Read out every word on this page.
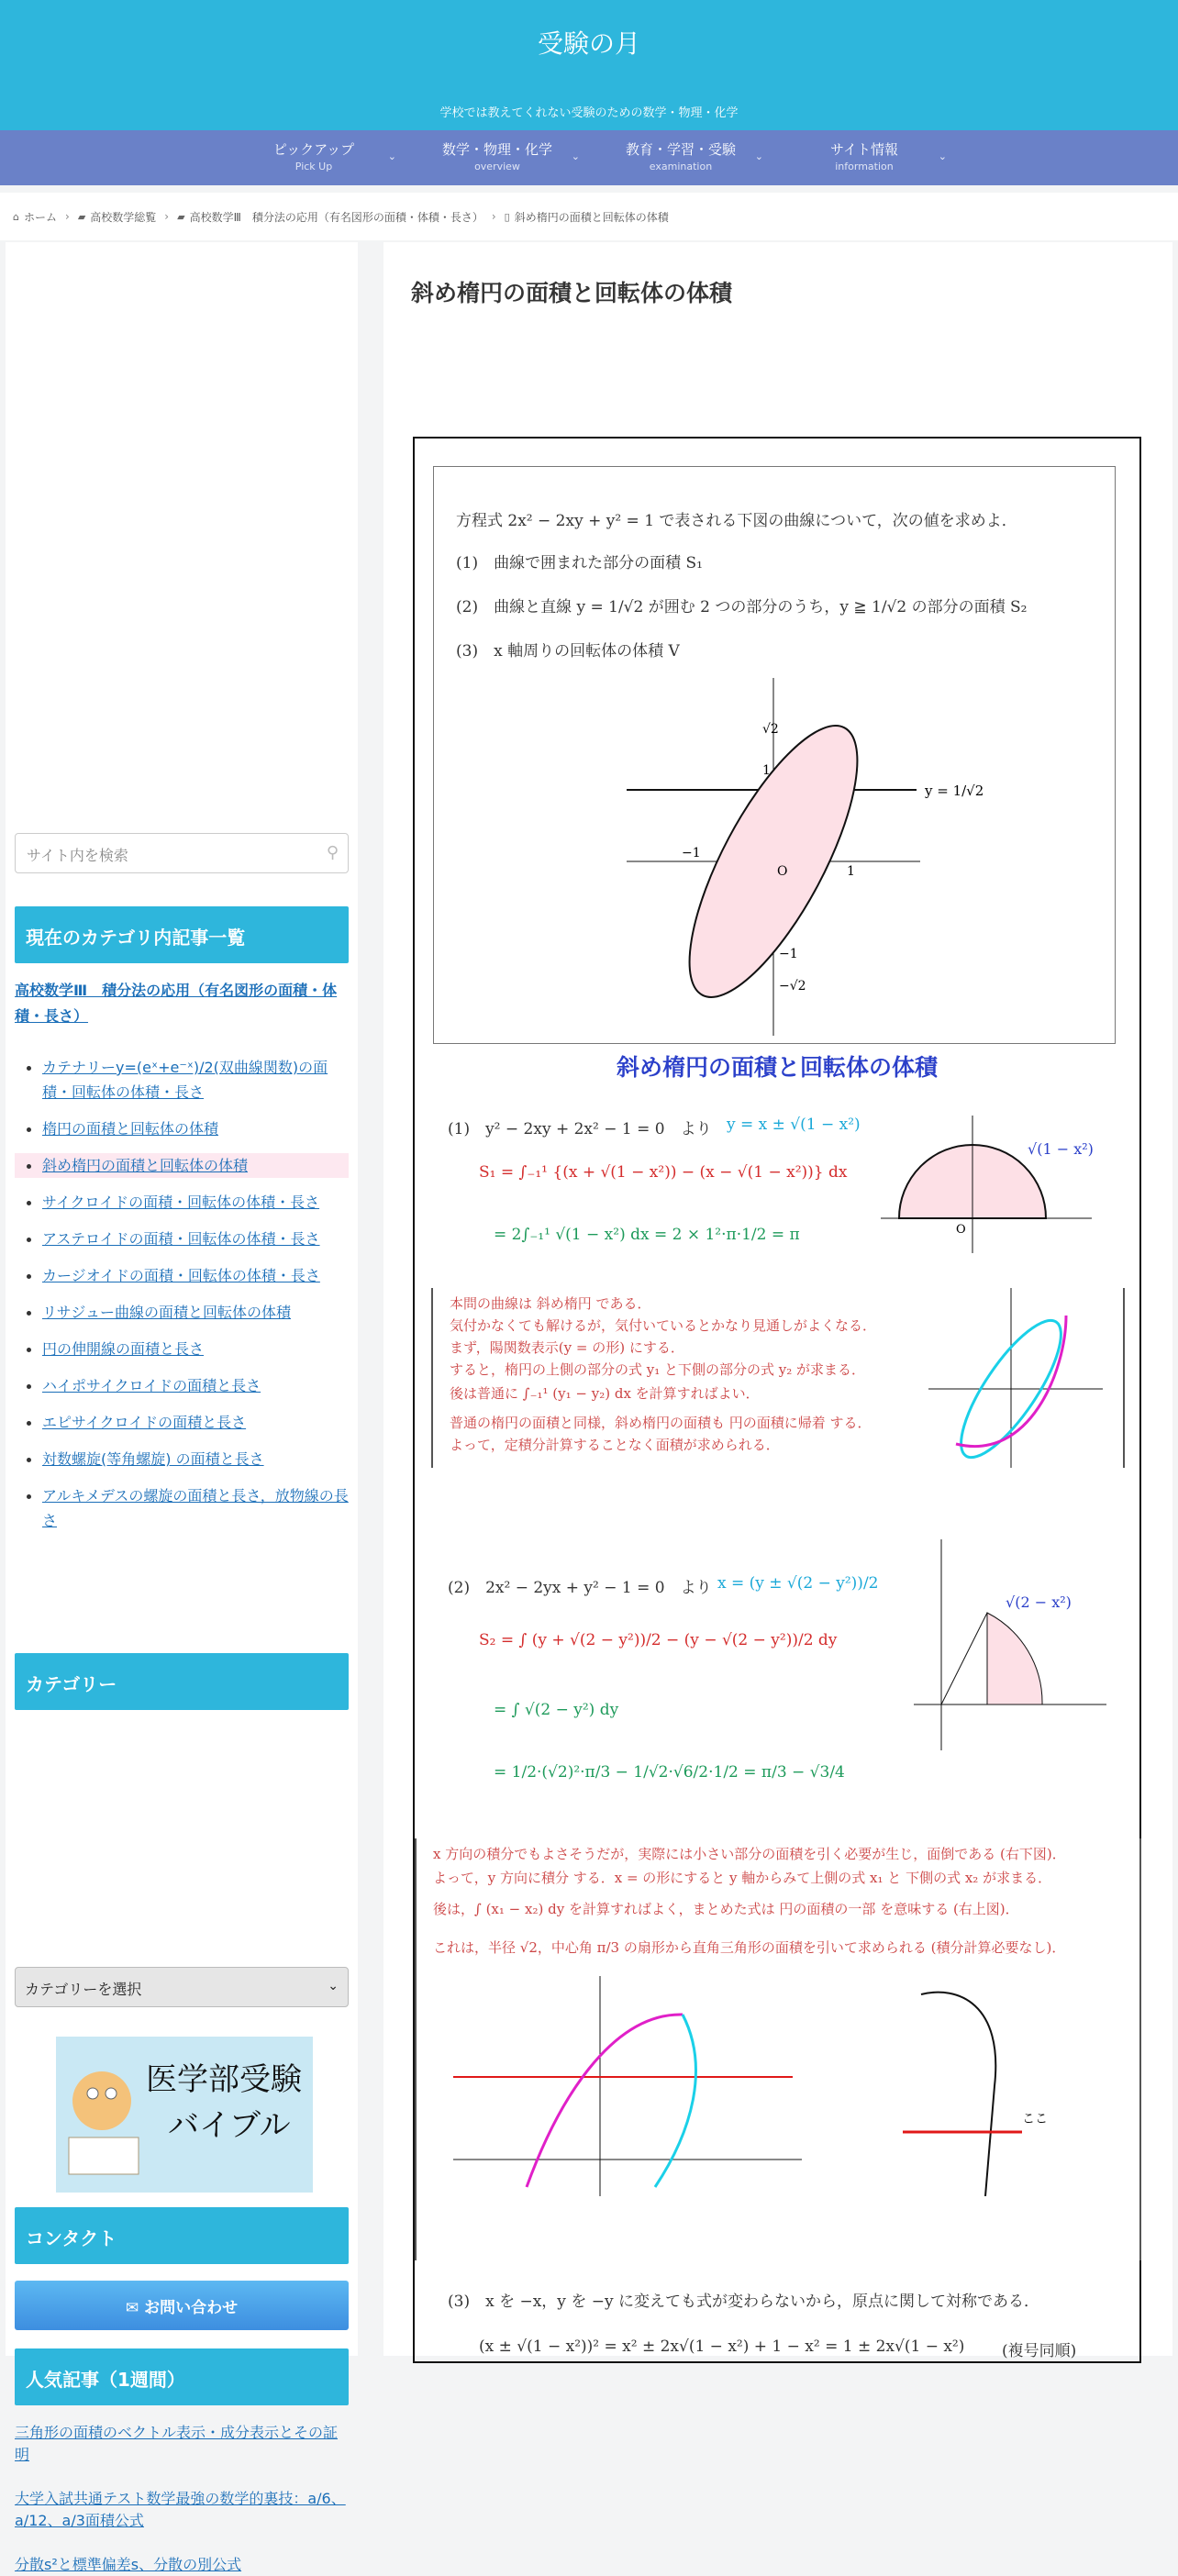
受験の月
学校では教えてくれない受験のための数学・物理・化学
ピックアップ
Pick Up
⌄	数学・物理・化学
overview
⌄	教育・学習・受験
examination
⌄	サイト情報
information
⌄
⌂ ホーム › ▰ 高校数学総覧 › ▰ 高校数学Ⅲ　積分法の応用（有名図形の面積・体積・長さ） › ▯ 斜め楕円の面積と回転体の体積
サイト内を検索	⚲
現在のカテゴリ内記事一覧
高校数学Ⅲ　積分法の応用（有名図形の面積・体積・長さ）
カテナリーy=(eˣ+e⁻ˣ)/2(双曲線関数)の面積・回転体の体積・長さ
楕円の面積と回転体の体積
斜め楕円の面積と回転体の体積
サイクロイドの面積・回転体の体積・長さ
アステロイドの面積・回転体の体積・長さ
カージオイドの面積・回転体の体積・長さ
リサジュー曲線の面積と回転体の体積
円の伸開線の面積と長さ
ハイポサイクロイドの面積と長さ
エピサイクロイドの面積と長さ
対数螺旋(等角螺旋) の面積と長さ
アルキメデスの螺旋の面積と長さ，放物線の長さ
カテゴリー
カテゴリーを選択	⌄
医学部受験
バイブル
コンタクト
✉ お問い合わせ
人気記事（1週間）
三角形の面積のベクトル表示・成分表示とその証明
大学入試共通テスト数学最強の数学的裏技：a/6、a/12、a/3面積公式
分散s²と標準偏差s、分散の別公式
斜め楕円の面積と回転体の体積
方程式 2x² − 2xy + y² = 1 で表される下図の曲線について，次の値を求めよ．
(1)　曲線で囲まれた部分の面積 S₁
(2)　曲線と直線 y = 1/√2 が囲む 2 つの部分のうち，y ≧ 1/√2 の部分の面積 S₂
(3)　x 軸周りの回転体の体積 V
y = 1/√2
O
√2
1
1
−1
−√2
−1
斜め楕円の面積と回転体の体積
(1)　y² − 2xy + 2x² − 1 = 0　より y = x ± √(1 − x²)
S₁ = ∫₋₁¹ {(x + √(1 − x²)) − (x − √(1 − x²))} dx
= 2∫₋₁¹ √(1 − x²) dx = 2 × 1²·π·1/2 = π
√(1 − x²)
O
本問の曲線は 斜め楕円 である．
気付かなくても解けるが，気付いているとかなり見通しがよくなる．
まず，陽関数表示(y = の形) にする．
すると，楕円の上側の部分の式 y₁ と下側の部分の式 y₂ が求まる．
後は普通に ∫₋₁¹ (y₁ − y₂) dx を計算すればよい．
普通の楕円の面積と同様，斜め楕円の面積も 円の面積に帰着 する．
よって，定積分計算することなく面積が求められる．
(2)　2x² − 2yx + y² − 1 = 0　より x = (y ± √(2 − y²))/2
S₂ = ∫ (y + √(2 − y²))/2 − (y − √(2 − y²))/2 dy
= ∫ √(2 − y²) dy
= 1/2·(√2)²·π/3 − 1/√2·√6/2·1/2 = π/3 − √3/4
√(2 − x²)
x 方向の積分でもよさそうだが，実際には小さい部分の面積を引く必要が生じ，面倒である (右下図)．
よって，y 方向に積分 する．x = の形にすると y 軸からみて上側の式 x₁ と 下側の式 x₂ が求まる．
後は，∫ (x₁ − x₂) dy を計算すればよく，まとめた式は 円の面積の一部 を意味する (右上図)．
これは，半径 √2，中心角 π/3 の扇形から直角三角形の面積を引いて求められる (積分計算必要なし)．
ここ
(3)　x を −x，y を −y に変えても式が変わらないから，原点に関して対称である．
(x ± √(1 − x²))² = x² ± 2x√(1 − x²) + 1 − x² = 1 ± 2x√(1 − x²) (複号同順)
